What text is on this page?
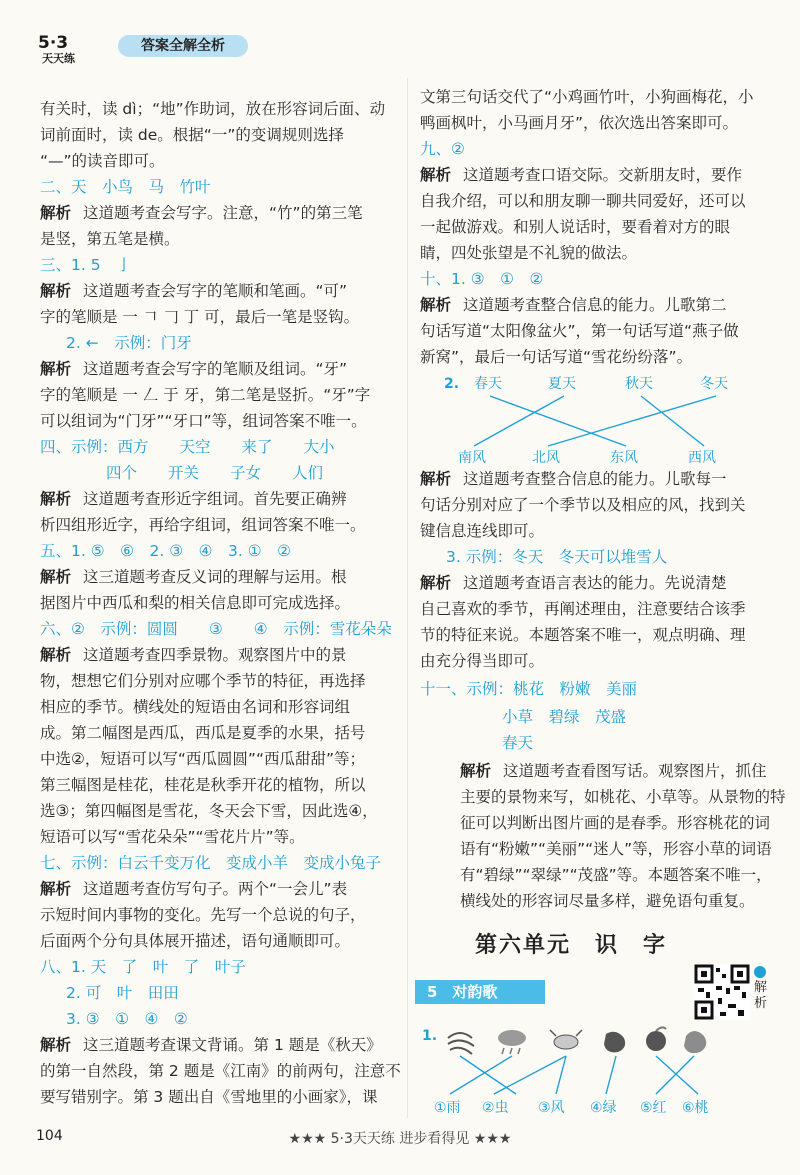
5·3
天天练
答案全解全析
有关时，读 dì；“地”作助词，放在形容词后面、动
词前面时，读 de。根据“一”的变调规则选择
“—”的读音即可。
二、天　小鸟　马　竹叶
解析 这道题考查会写字。注意，“竹”的第三笔
是竖，第五笔是横。
三、1. 5　亅
解析 这道题考查会写字的笔顺和笔画。“可”
字的笔顺是 一 𠃍 𠃌 丁 可，最后一笔是竖钩。
2. ←　示例：门牙
解析 这道题考查会写字的笔顺及组词。“牙”
字的笔顺是 一 𠃋 于 牙，第二笔是竖折。“牙”字
可以组词为“门牙”“牙口”等，组词答案不唯一。
四、示例：西方　　天空　　来了　　大小
四个　　开关　　子女　　人们
解析 这道题考查形近字组词。首先要正确辨
析四组形近字，再给字组词，组词答案不唯一。
五、1. ⑤　⑥　2. ③　④　3. ①　②
解析 这三道题考查反义词的理解与运用。根
据图片中西瓜和梨的相关信息即可完成选择。
六、②　示例：圆圆　　③　　④　示例：雪花朵朵
解析 这道题考查四季景物。观察图片中的景
物，想想它们分别对应哪个季节的特征，再选择
相应的季节。横线处的短语由名词和形容词组
成。第二幅图是西瓜，西瓜是夏季的水果，括号
中选②，短语可以写“西瓜圆圆”“西瓜甜甜”等；
第三幅图是桂花，桂花是秋季开花的植物，所以
选③；第四幅图是雪花，冬天会下雪，因此选④，
短语可以写“雪花朵朵”“雪花片片”等。
七、示例：白云千变万化　变成小羊　变成小兔子
解析 这道题考查仿写句子。两个“一会儿”表
示短时间内事物的变化。先写一个总说的句子，
后面两个分句具体展开描述，语句通顺即可。
八、1. 天　了　叶　了　叶子
2. 可　叶　田田
3. ③　①　④　②
解析 这三道题考查课文背诵。第 1 题是《秋天》
的第一自然段，第 2 题是《江南》的前两句，注意不
要写错别字。第 3 题出自《雪地里的小画家》，课
文第三句话交代了“小鸡画竹叶，小狗画梅花，小
鸭画枫叶，小马画月牙”，依次选出答案即可。
九、②
解析 这道题考查口语交际。交新朋友时，要作
自我介绍，可以和朋友聊一聊共同爱好，还可以
一起做游戏。和别人说话时，要看着对方的眼
睛，四处张望是不礼貌的做法。
十、1. ③　①　②
解析 这道题考查整合信息的能力。儿歌第二
句话写道“太阳像盆火”，第一句话写道“燕子做
新窝”，最后一句话写道“雪花纷纷落”。
解析 这道题考查整合信息的能力。儿歌每一
句话分别对应了一个季节以及相应的风，找到关
键信息连线即可。
3. 示例：冬天　冬天可以堆雪人
解析 这道题考查语言表达的能力。先说清楚
自己喜欢的季节，再阐述理由，注意要结合该季
节的特征来说。本题答案不唯一，观点明确、理
由充分得当即可。
十一、示例：桃花　粉嫩　美丽
小草　碧绿　茂盛
春天
解析 这道题考查看图写话。观察图片，抓住
主要的景物来写，如桃花、小草等。从景物的特
征可以判断出图片画的是春季。形容桃花的词
语有“粉嫩”“美丽”“迷人”等，形容小草的词语
有“碧绿”“翠绿”“茂盛”等。本题答案不唯一，
横线处的形容词尽量多样，避免语句重复。
2. 春天	夏天	秋天	冬天
南风	北风	东风	西风
第六单元　识　字
5　对韵歌	解析
1.
①雨 ②虫 ③风 ④绿 ⑤红 ⑥桃
104	★★★ 5·3天天练 进步看得见 ★★★
